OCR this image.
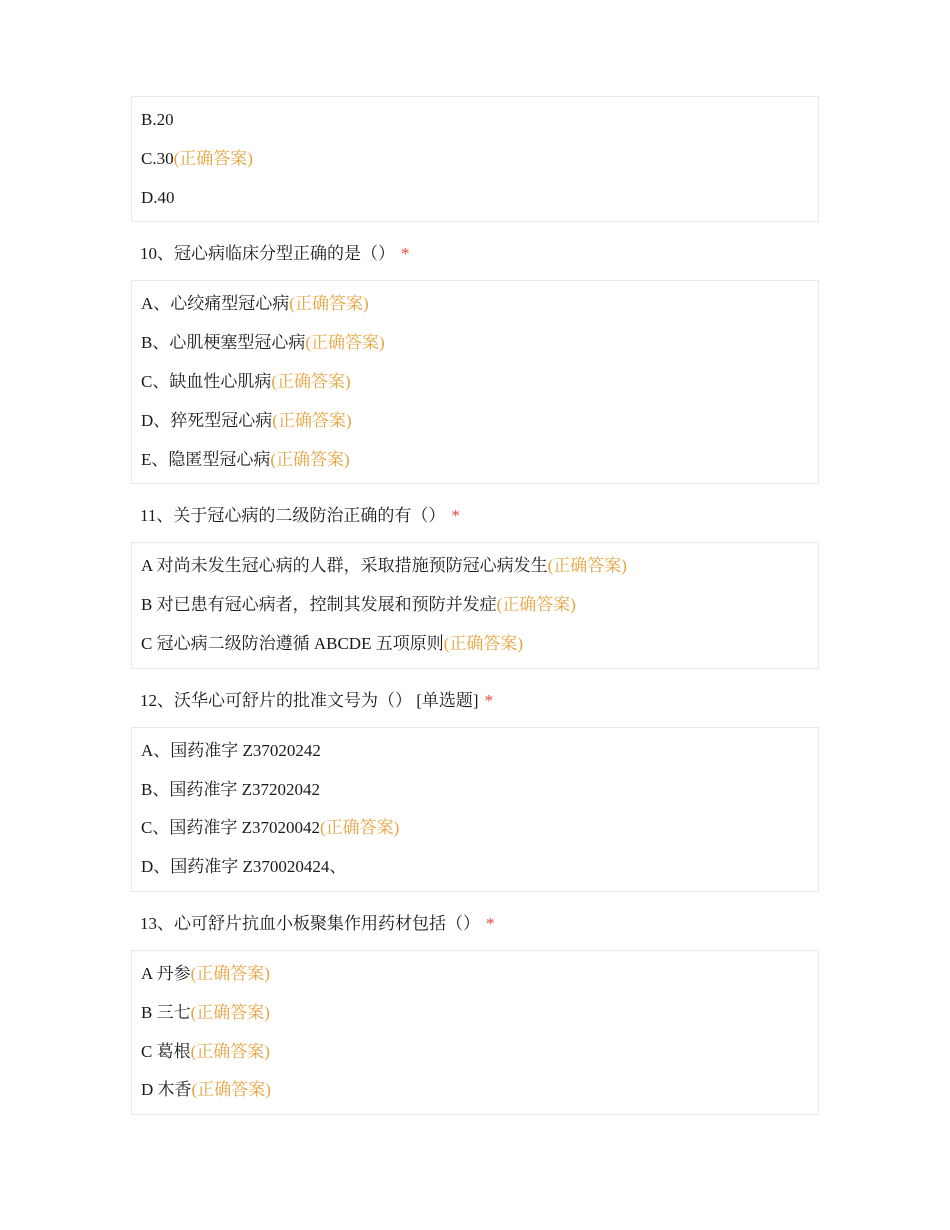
B.20
C.30(正确答案)
D.40
10、冠心病临床分型正确的是（） *
A、心绞痛型冠心病(正确答案)
B、心肌梗塞型冠心病(正确答案)
C、缺血性心肌病(正确答案)
D、猝死型冠心病(正确答案)
E、隐匿型冠心病(正确答案)
11、关于冠心病的二级防治正确的有（） *
A 对尚未发生冠心病的人群，采取措施预防冠心病发生(正确答案)
B 对已患有冠心病者，控制其发展和预防并发症(正确答案)
C 冠心病二级防治遵循 ABCDE 五项原则(正确答案)
12、沃华心可舒片的批准文号为（） [单选题] *
A、国药准字 Z37020242
B、国药准字 Z37202042
C、国药准字 Z37020042(正确答案)
D、国药准字 Z370020424、
13、心可舒片抗血小板聚集作用药材包括（） *
A 丹参(正确答案)
B 三七(正确答案)
C 葛根(正确答案)
D 木香(正确答案)
